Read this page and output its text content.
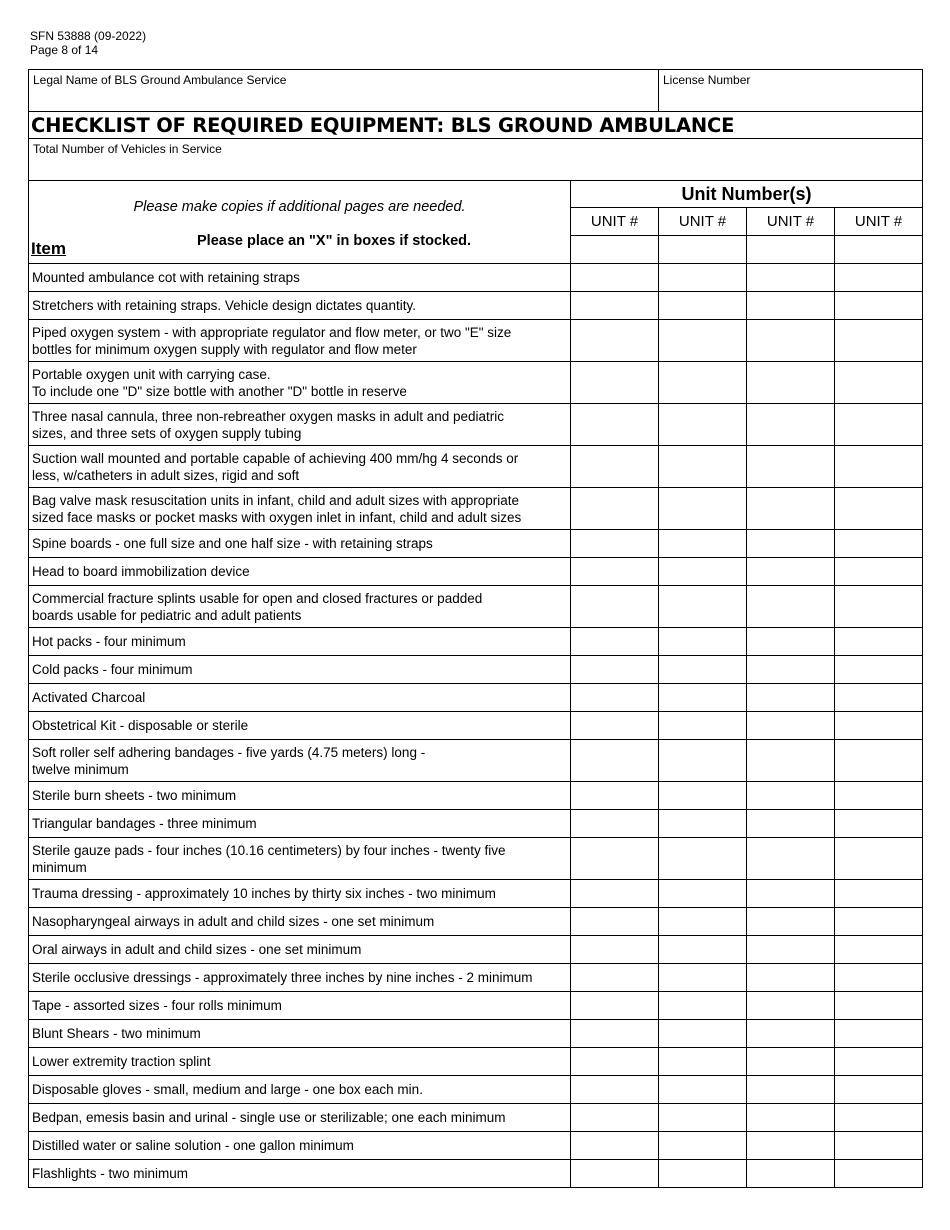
SFN 53888 (09-2022)
Page 8 of 14
Legal Name of BLS Ground Ambulance Service	License Number
CHECKLIST OF REQUIRED EQUIPMENT: BLS GROUND AMBULANCE
Total Number of Vehicles in Service
Please make copies if additional pages are needed.
Please place an "X" in boxes if stocked.
Item	Unit Number(s)			
	UNIT #	UNIT #	UNIT #	UNIT #

Mounted ambulance cot with retaining straps				

Stretchers with retaining straps. Vehicle design dictates quantity.				

Piped oxygen system - with appropriate regulator and flow meter, or two "E" size
bottles for minimum oxygen supply with regulator and flow meter				

Portable oxygen unit with carrying case.
To include one "D" size bottle with another "D" bottle in reserve				

Three nasal cannula, three non-rebreather oxygen masks in adult and pediatric
sizes, and three sets of oxygen supply tubing				

Suction wall mounted and portable capable of achieving 400 mm/hg 4 seconds or
less, w/catheters in adult sizes, rigid and soft				

Bag valve mask resuscitation units in infant, child and adult sizes with appropriate
sized face masks or pocket masks with oxygen inlet in infant, child and adult sizes				

Spine boards - one full size and one half size - with retaining straps				

Head to board immobilization device				

Commercial fracture splints usable for open and closed fractures or padded
boards usable for pediatric and adult patients				

Hot packs - four minimum				

Cold packs - four minimum				

Activated Charcoal				

Obstetrical Kit - disposable or sterile				

Soft roller self adhering bandages - five yards (4.75 meters) long -
twelve minimum				

Sterile burn sheets - two minimum				

Triangular bandages - three minimum				

Sterile gauze pads - four inches (10.16 centimeters) by four inches - twenty five
minimum				

Trauma dressing - approximately 10 inches by thirty six inches - two minimum				

Nasopharyngeal airways in adult and child sizes - one set minimum				

Oral airways in adult and child sizes - one set minimum				

Sterile occlusive dressings - approximately three inches by nine inches - 2 minimum				

Tape - assorted sizes - four rolls minimum				

Blunt Shears - two minimum				

Lower extremity traction splint				

Disposable gloves - small, medium and large - one box each min.				

Bedpan, emesis basin and urinal - single use or sterilizable; one each minimum				

Distilled water or saline solution - one gallon minimum				

Flashlights - two minimum				
